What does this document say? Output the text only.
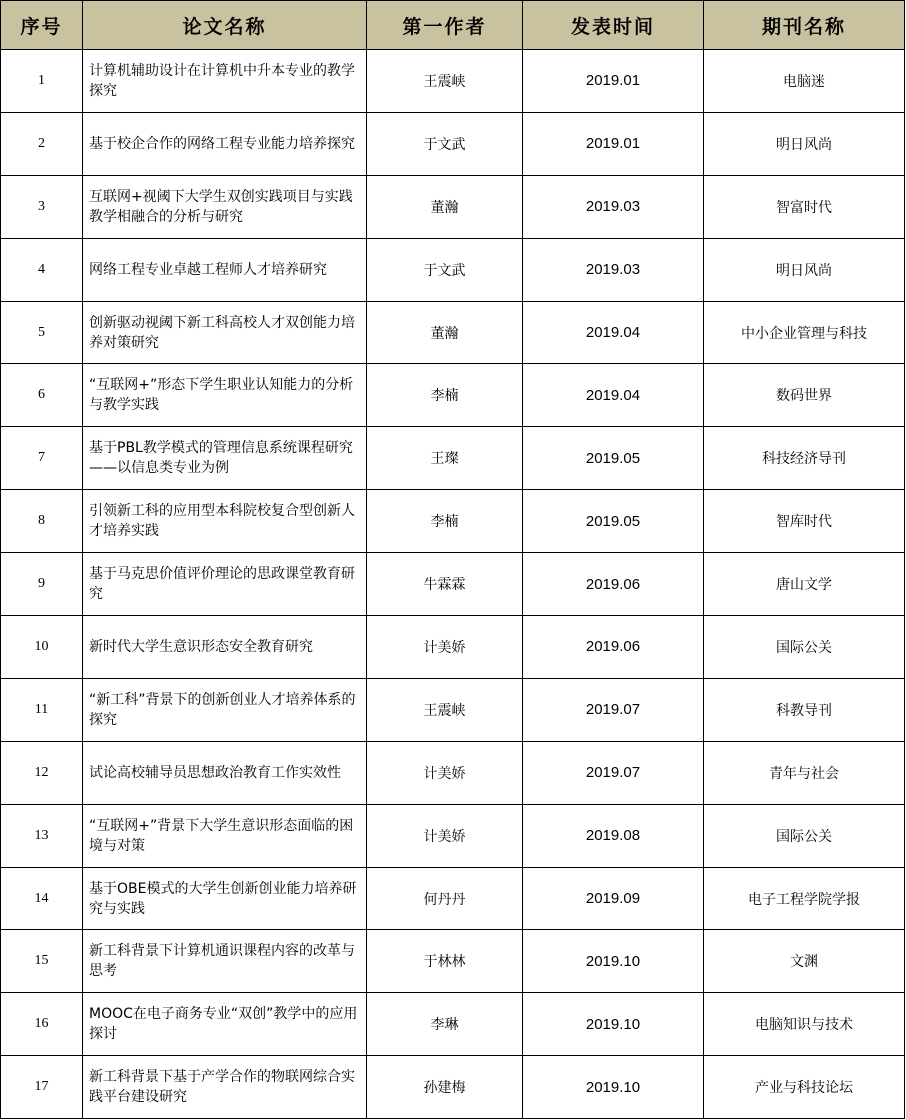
序号	论文名称	第一作者	发表时间	期刊名称
1	计算机辅助设计在计算机中升本专业的教学探究	王震峡	2019.01	电脑迷
2	基于校企合作的网络工程专业能力培养探究	于文武	2019.01	明日风尚
3	互联网+视阈下大学生双创实践项目与实践教学相融合的分析与研究	董瀚	2019.03	智富时代
4	网络工程专业卓越工程师人才培养研究	于文武	2019.03	明日风尚
5	创新驱动视阈下新工科高校人才双创能力培养对策研究	董瀚	2019.04	中小企业管理与科技
6	“互联网+”形态下学生职业认知能力的分析与教学实践	李楠	2019.04	数码世界
7	基于PBL教学模式的管理信息系统课程研究——以信息类专业为例	王璨	2019.05	科技经济导刊
8	引领新工科的应用型本科院校复合型创新人才培养实践	李楠	2019.05	智库时代
9	基于马克思价值评价理论的思政课堂教育研究	牛霖霖	2019.06	唐山文学
10	新时代大学生意识形态安全教育研究	计美娇	2019.06	国际公关
11	“新工科”背景下的创新创业人才培养体系的探究	王震峡	2019.07	科教导刊
12	试论高校辅导员思想政治教育工作实效性	计美娇	2019.07	青年与社会
13	“互联网+”背景下大学生意识形态面临的困境与对策	计美娇	2019.08	国际公关
14	基于OBE模式的大学生创新创业能力培养研究与实践	何丹丹	2019.09	电子工程学院学报
15	新工科背景下计算机通识课程内容的改革与思考	于林林	2019.10	文渊
16	MOOC在电子商务专业“双创”教学中的应用探讨	李琳	2019.10	电脑知识与技术
17	新工科背景下基于产学合作的物联网综合实践平台建设研究	孙建梅	2019.10	产业与科技论坛
